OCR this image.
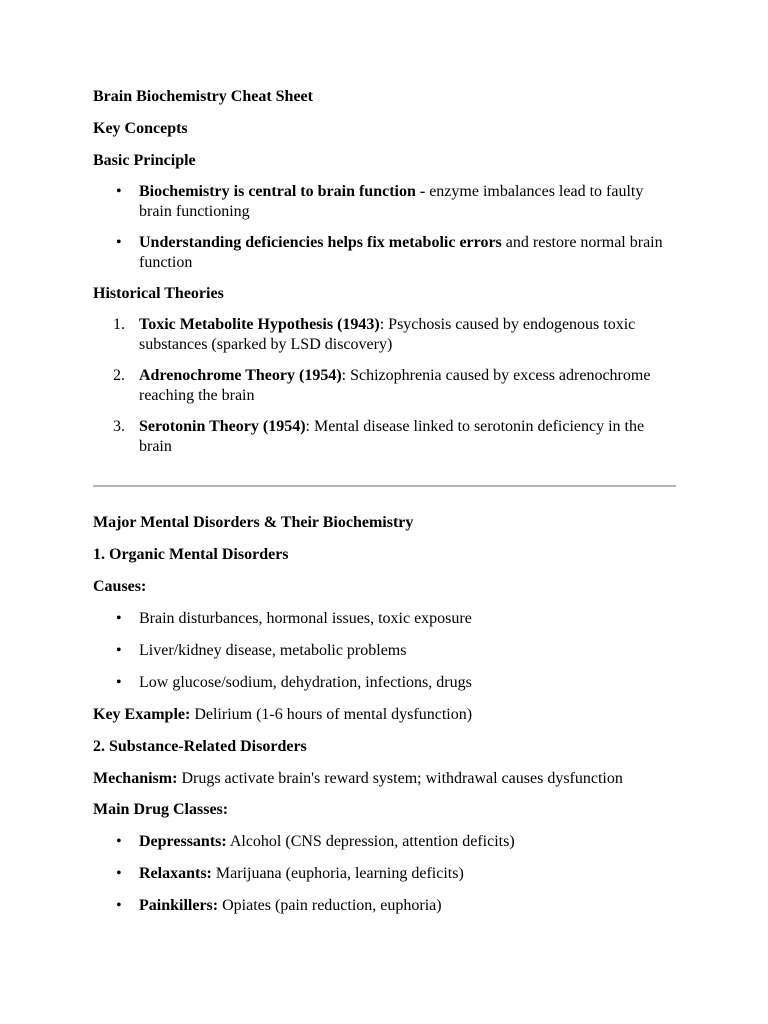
Brain Biochemistry Cheat Sheet

Key Concepts

Basic Principle

• Biochemistry is central to brain function - enzyme imbalances lead to faulty brain functioning
• Understanding deficiencies helps fix metabolic errors and restore normal brain function

Historical Theories

1. Toxic Metabolite Hypothesis (1943): Psychosis caused by endogenous toxic substances (sparked by LSD discovery)
2. Adrenochrome Theory (1954): Schizophrenia caused by excess adrenochrome reaching the brain
3. Serotonin Theory (1954): Mental disease linked to serotonin deficiency in the brain

Major Mental Disorders & Their Biochemistry

1. Organic Mental Disorders

Causes:

• Brain disturbances, hormonal issues, toxic exposure
• Liver/kidney disease, metabolic problems
• Low glucose/sodium, dehydration, infections, drugs

Key Example: Delirium (1-6 hours of mental dysfunction)

2. Substance-Related Disorders

Mechanism: Drugs activate brain's reward system; withdrawal causes dysfunction

Main Drug Classes:

• Depressants: Alcohol (CNS depression, attention deficits)
• Relaxants: Marijuana (euphoria, learning deficits)
• Painkillers: Opiates (pain reduction, euphoria)
